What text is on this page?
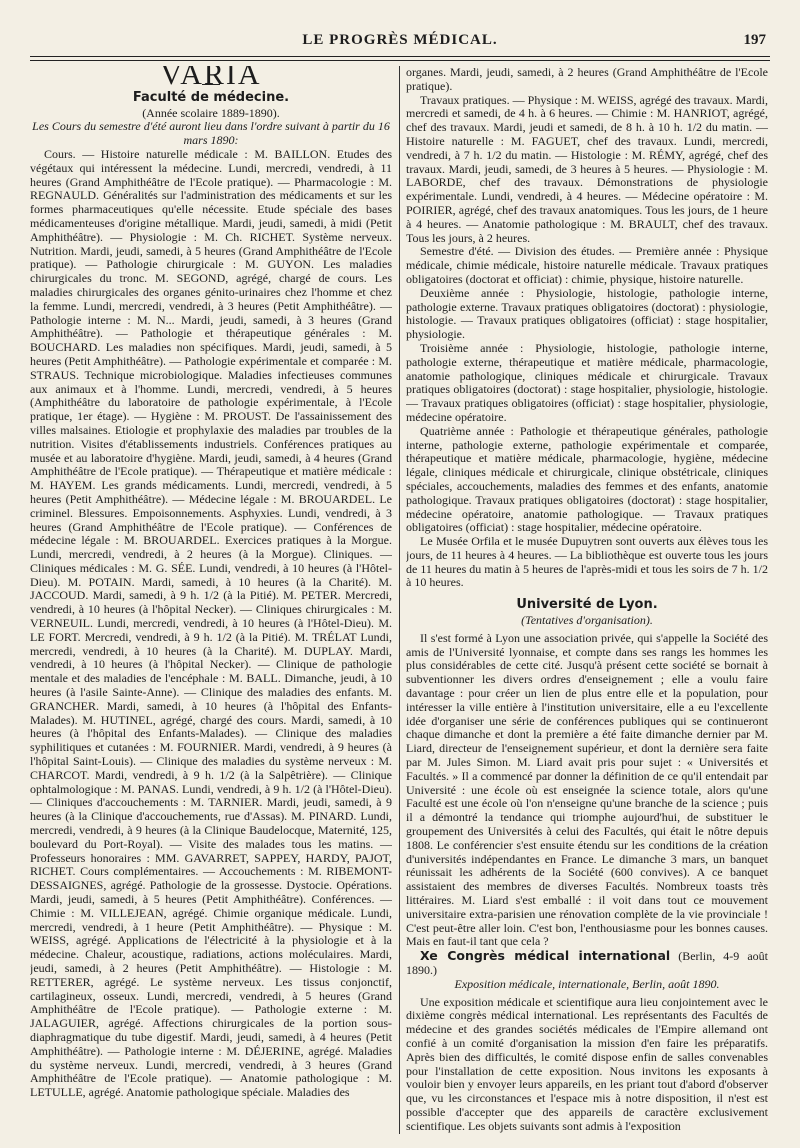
LE PROGRÈS MÉDICAL.	197
VARIA
Faculté de médecine.

(Année scolaire 1889-1890).

Les Cours du semestre d'été auront lieu dans l'ordre suivant à partir du 16 mars 1890:

Cours. — Histoire naturelle médicale : M. BAILLON. Etudes des végétaux qui intéressent la médecine. Lundi, mercredi, vendredi, à 11 heures (Grand Amphithéâtre de l'Ecole pratique). — Pharmacologie : M. REGNAULD. Généralités sur l'administration des médicaments et sur les formes pharmaceutiques qu'elle nécessite. Etude spéciale des bases médicamenteuses d'origine métallique. Mardi, jeudi, samedi, à midi (Petit Amphithéâtre). — Physiologie : M. Ch. RICHET. Système nerveux. Nutrition. Mardi, jeudi, samedi, à 5 heures (Grand Amphithéâtre de l'Ecole pratique). — Pathologie chirurgicale : M. GUYON. Les maladies chirurgicales du tronc. M. SEGOND, agrégé, chargé de cours. Les maladies chirurgicales des organes génito-urinaires chez l'homme et chez la femme. Lundi, mercredi, vendredi, à 3 heures (Petit Amphithéâtre). — Pathologie interne : M. N... Mardi, jeudi, samedi, à 3 heures (Grand Amphithéâtre). — Pathologie et thérapeutique générales : M. BOUCHARD. Les maladies non spécifiques. Mardi, jeudi, samedi, à 5 heures (Petit Amphithéâtre). — Pathologie expérimentale et comparée : M. STRAUS. Technique microbiologique. Maladies infectieuses communes aux animaux et à l'homme. Lundi, mercredi, vendredi, à 5 heures (Amphithéâtre du laboratoire de pathologie expérimentale, à l'Ecole pratique, 1er étage). — Hygiène : M. PROUST. De l'assainissement des villes malsaines. Etiologie et prophylaxie des maladies par troubles de la nutrition. Visites d'établissements industriels. Conférences pratiques au musée et au laboratoire d'hygiène. Mardi, jeudi, samedi, à 4 heures (Grand Amphithéâtre de l'Ecole pratique). — Thérapeutique et matière médicale : M. HAYEM. Les grands médicaments. Lundi, mercredi, vendredi, à 5 heures (Petit Amphithéâtre). — Médecine légale : M. BROUARDEL. Le criminel. Blessures. Empoisonnements. Asphyxies. Lundi, vendredi, à 3 heures (Grand Amphithéâtre de l'Ecole pratique). — Conférences de médecine légale : M. BROUARDEL. Exercices pratiques à la Morgue. Lundi, mercredi, vendredi, à 2 heures (à la Morgue). Cliniques. — Cliniques médicales : M. G. SÉE. Lundi, vendredi, à 10 heures (à l'Hôtel-Dieu). M. POTAIN. Mardi, samedi, à 10 heures (à la Charité). M. JACCOUD. Mardi, samedi, à 9 h. 1/2 (à la Pitié). M. PETER. Mercredi, vendredi, à 10 heures (à l'hôpital Necker). — Cliniques chirurgicales : M. VERNEUIL. Lundi, mercredi, vendredi, à 10 heures (à l'Hôtel-Dieu). M. LE FORT. Mercredi, vendredi, à 9 h. 1/2 (à la Pitié). M. TRÉLAT Lundi, mercredi, vendredi, à 10 heures (à la Charité). M. DUPLAY. Mardi, vendredi, à 10 heures (à l'hôpital Necker). — Clinique de pathologie mentale et des maladies de l'encéphale : M. BALL. Dimanche, jeudi, à 10 heures (à l'asile Sainte-Anne). — Clinique des maladies des enfants. M. GRANCHER. Mardi, samedi, à 10 heures (à l'hôpital des Enfants-Malades). M. HUTINEL, agrégé, chargé des cours. Mardi, samedi, à 10 heures (à l'hôpital des Enfants-Malades). — Clinique des maladies syphilitiques et cutanées : M. FOURNIER. Mardi, vendredi, à 9 heures (à l'hôpital Saint-Louis). — Clinique des maladies du système nerveux : M. CHARCOT. Mardi, vendredi, à 9 h. 1/2 (à la Salpêtrière). — Clinique ophtalmologique : M. PANAS. Lundi, vendredi, à 9 h. 1/2 (à l'Hôtel-Dieu). — Cliniques d'accouchements : M. TARNIER. Mardi, jeudi, samedi, à 9 heures (à la Clinique d'accouchements, rue d'Assas). M. PINARD. Lundi, mercredi, vendredi, à 9 heures (à la Clinique Baudelocque, Maternité, 125, boulevard du Port-Royal). — Visite des malades tous les matins. — Professeurs honoraires : MM. GAVARRET, SAPPEY, HARDY, PAJOT, RICHET. Cours complémentaires. — Accouchements : M. RIBEMONT-DESSAIGNES, agrégé. Pathologie de la grossesse. Dystocie. Opérations. Mardi, jeudi, samedi, à 5 heures (Petit Amphithéâtre). Conférences. — Chimie : M. VILLEJEAN, agrégé. Chimie organique médicale. Lundi, mercredi, vendredi, à 1 heure (Petit Amphithéâtre). — Physique : M. WEISS, agrégé. Applications de l'électricité à la physiologie et à la médecine. Chaleur, acoustique, radiations, actions moléculaires. Mardi, jeudi, samedi, à 2 heures (Petit Amphithéâtre). — Histologie : M. RETTERER, agrégé. Le système nerveux. Les tissus conjonctif, cartilagineux, osseux. Lundi, mercredi, vendredi, à 5 heures (Grand Amphithéâtre de l'Ecole pratique). — Pathologie externe : M. JALAGUIER, agrégé. Affections chirurgicales de la portion sous-diaphragmatique du tube digestif. Mardi, jeudi, samedi, à 4 heures (Petit Amphithéâtre). — Pathologie interne : M. DÉJERINE, agrégé. Maladies du système nerveux. Lundi, mercredi, vendredi, à 3 heures (Grand Amphithéâtre de l'Ecole pratique). — Anatomie pathologique : M. LETULLE, agrégé. Anatomie pathologique spéciale. Maladies des

organes. Mardi, jeudi, samedi, à 2 heures (Grand Amphithéâtre de l'Ecole pratique).

Travaux pratiques. — Physique : M. WEISS, agrégé des travaux. Mardi, mercredi et samedi, de 4 h. à 6 heures. — Chimie : M. HANRIOT, agrégé, chef des travaux. Mardi, jeudi et samedi, de 8 h. à 10 h. 1/2 du matin. — Histoire naturelle : M. FAGUET, chef des travaux. Lundi, mercredi, vendredi, à 7 h. 1/2 du matin. — Histologie : M. RÉMY, agrégé, chef des travaux. Mardi, jeudi, samedi, de 3 heures à 5 heures. — Physiologie : M. LABORDE, chef des travaux. Démonstrations de physiologie expérimentale. Lundi, vendredi, à 4 heures. — Médecine opératoire : M. POIRIER, agrégé, chef des travaux anatomiques. Tous les jours, de 1 heure à 4 heures. — Anatomie pathologique : M. BRAULT, chef des travaux. Tous les jours, à 2 heures.

Semestre d'été. — Division des études. — Première année : Physique médicale, chimie médicale, histoire naturelle médicale. Travaux pratiques obligatoires (doctorat et officiat) : chimie, physique, histoire naturelle.

Deuxième année : Physiologie, histologie, pathologie interne, pathologie externe. Travaux pratiques obligatoires (doctorat) : physiologie, histologie. — Travaux pratiques obligatoires (officiat) : stage hospitalier, physiologie.

Troisième année : Physiologie, histologie, pathologie interne, pathologie externe, thérapeutique et matière médicale, pharmacologie, anatomie pathologique, cliniques médicale et chirurgicale. Travaux pratiques obligatoires (doctorat) : stage hospitalier, physiologie, histologie. — Travaux pratiques obligatoires (officiat) : stage hospitalier, physiologie, médecine opératoire.

Quatrième année : Pathologie et thérapeutique générales, pathologie interne, pathologie externe, pathologie expérimentale et comparée, thérapeutique et matière médicale, pharmacologie, hygiène, médecine légale, cliniques médicale et chirurgicale, clinique obstétricale, cliniques spéciales, accouchements, maladies des femmes et des enfants, anatomie pathologique. Travaux pratiques obligatoires (doctorat) : stage hospitalier, médecine opératoire, anatomie pathologique. — Travaux pratiques obligatoires (officiat) : stage hospitalier, médecine opératoire.

Le Musée Orfila et le musée Dupuytren sont ouverts aux élèves tous les jours, de 11 heures à 4 heures. — La bibliothèque est ouverte tous les jours de 11 heures du matin à 5 heures de l'après-midi et tous les soirs de 7 h. 1/2 à 10 heures.

Université de Lyon.
(Tentatives d'organisation).

Il s'est formé à Lyon une association privée, qui s'appelle la Société des amis de l'Université lyonnaise, et compte dans ses rangs les hommes les plus considérables de cette cité. Jusqu'à présent cette société se bornait à subventionner les divers ordres d'enseignement ; elle a voulu faire davantage : pour créer un lien de plus entre elle et la population, pour intéresser la ville entière à l'institution universitaire, elle a eu l'excellente idée d'organiser une série de conférences publiques qui se continueront chaque dimanche et dont la première a été faite dimanche dernier par M. Liard, directeur de l'enseignement supérieur, et dont la dernière sera faite par M. Jules Simon. M. Liard avait pris pour sujet : « Universités et Facultés. » Il a commencé par donner la définition de ce qu'il entendait par Université : une école où est enseignée la science totale, alors qu'une Faculté est une école où l'on n'enseigne qu'une branche de la science ; puis il a démontré la tendance qui triomphe aujourd'hui, de substituer le groupement des Universités à celui des Facultés, qui était le nôtre depuis 1808. Le conférencier s'est ensuite étendu sur les conditions de la création d'universités indépendantes en France. Le dimanche 3 mars, un banquet réunissait les adhérents de la Société (600 convives). A ce banquet assistaient des membres de diverses Facultés. Nombreux toasts très littéraires. M. Liard s'est emballé : il voit dans tout ce mouvement universitaire extra-parisien une rénovation complète de la vie provinciale ! C'est peut-être aller loin. C'est bon, l'enthousiasme pour les bonnes causes. Mais en faut-il tant que cela ?

Xe Congrès médical international (Berlin, 4-9 août 1890.)

Exposition médicale, internationale, Berlin, août 1890.

Une exposition médicale et scientifique aura lieu conjointement avec le dixième congrès médical international. Les représentants des Facultés de médecine et des grandes sociétés médicales de l'Empire allemand ont confié à un comité d'organisation la mission d'en faire les préparatifs. Après bien des difficultés, le comité dispose enfin de salles convenables pour l'installation de cette exposition. Nous invitons les exposants à vouloir bien y envoyer leurs appareils, en les priant tout d'abord d'observer que, vu les circonstances et l'espace mis à notre disposition, il n'est est possible d'accepter que des appareils de caractère exclusivement scientifique. Les objets suivants sont admis à l'exposition
